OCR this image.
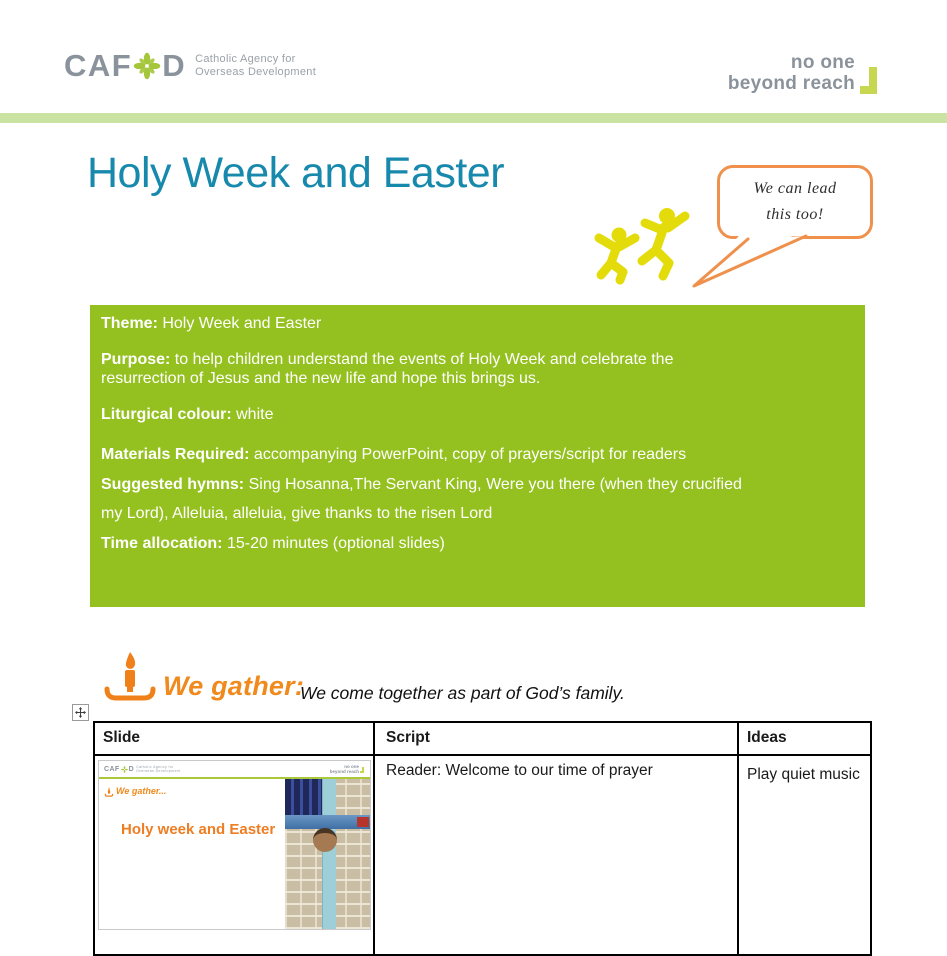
CAF D Catholic Agency for
Overseas Development	no one
beyond reach
Holy Week and Easter	We can lead
this too!

Theme: Holy Week and Easter

Purpose: to help children understand the events of Holy Week and celebrate the resurrection of Jesus and the new life and hope this brings us.

Liturgical colour: white

Materials Required: accompanying PowerPoint, copy of prayers/script for readers

Suggested hymns: Sing Hosanna,The Servant King, Were you there (when they crucified my Lord), Alleluia, alleluia, give thanks to the risen Lord

Time allocation: 15-20 minutes (optional slides)

We gather:
We come together as part of God’s family.
Slide	Script	Ideas

CAF D Catholic Agency for
Overseas Development
no one
beyond reach
We gather...
Holy week and Easter
	Reader: Welcome to our time of prayer	Play quiet music
